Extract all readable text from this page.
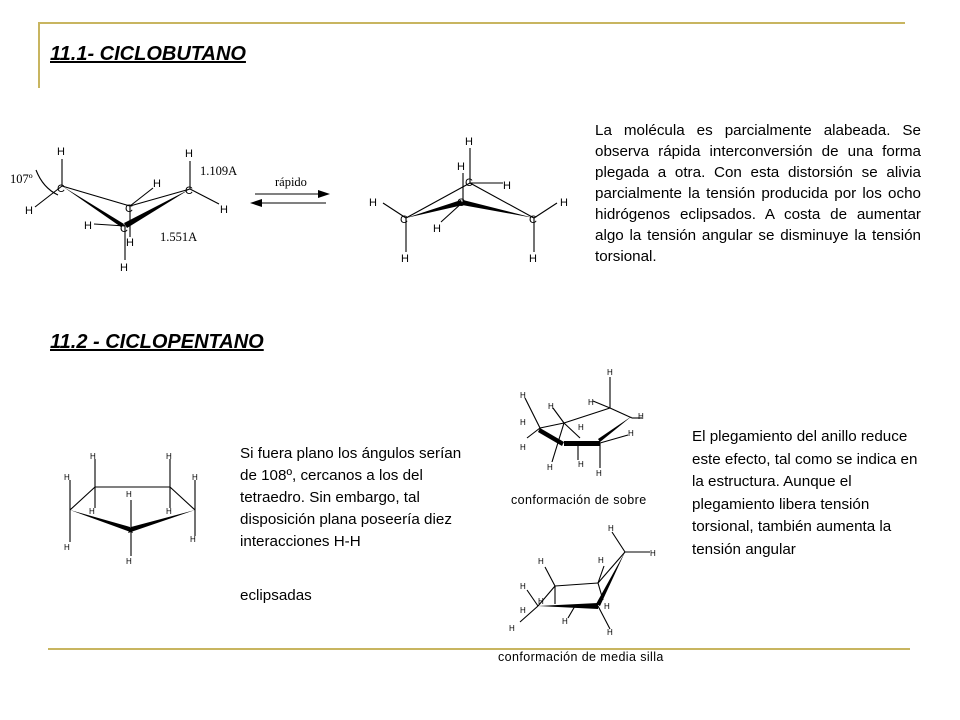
11.1- CICLOBUTANO
11.2 - CICLOPENTANO
La molécula es parcialmente alabeada. Se observa rápida interconversión de una forma plegada a otra. Con esta distorsión se alivia parcialmente la tensión producida por los ocho hidrógenos eclipsados. A costa de aumentar algo la tensión angular se disminuye la tensión torsional.
Si fuera plano los ángulos serían de 108º, cercanos a los del tetraedro. Sin embargo, tal disposición plana poseería diez interacciones H-H
eclipsadas
El plegamiento del anillo reduce este efecto, tal como se indica en la estructura. Aunque el plegamiento libera tensión torsional, también aumenta la tensión angular
conformación de sobre
conformación de media silla
C	C
C
C
H
H
H
H
H
H
H
H
107º
1.109A
1.551A
rápido
C
C
C
C
H
H
H
H
H
H
H
H
H	H
H	H
H
H	H
H
H
H
H
H
H
H
H
H
H
H
H
H
H
H
H
H
H	H
H
H
H
H
H
H	H
